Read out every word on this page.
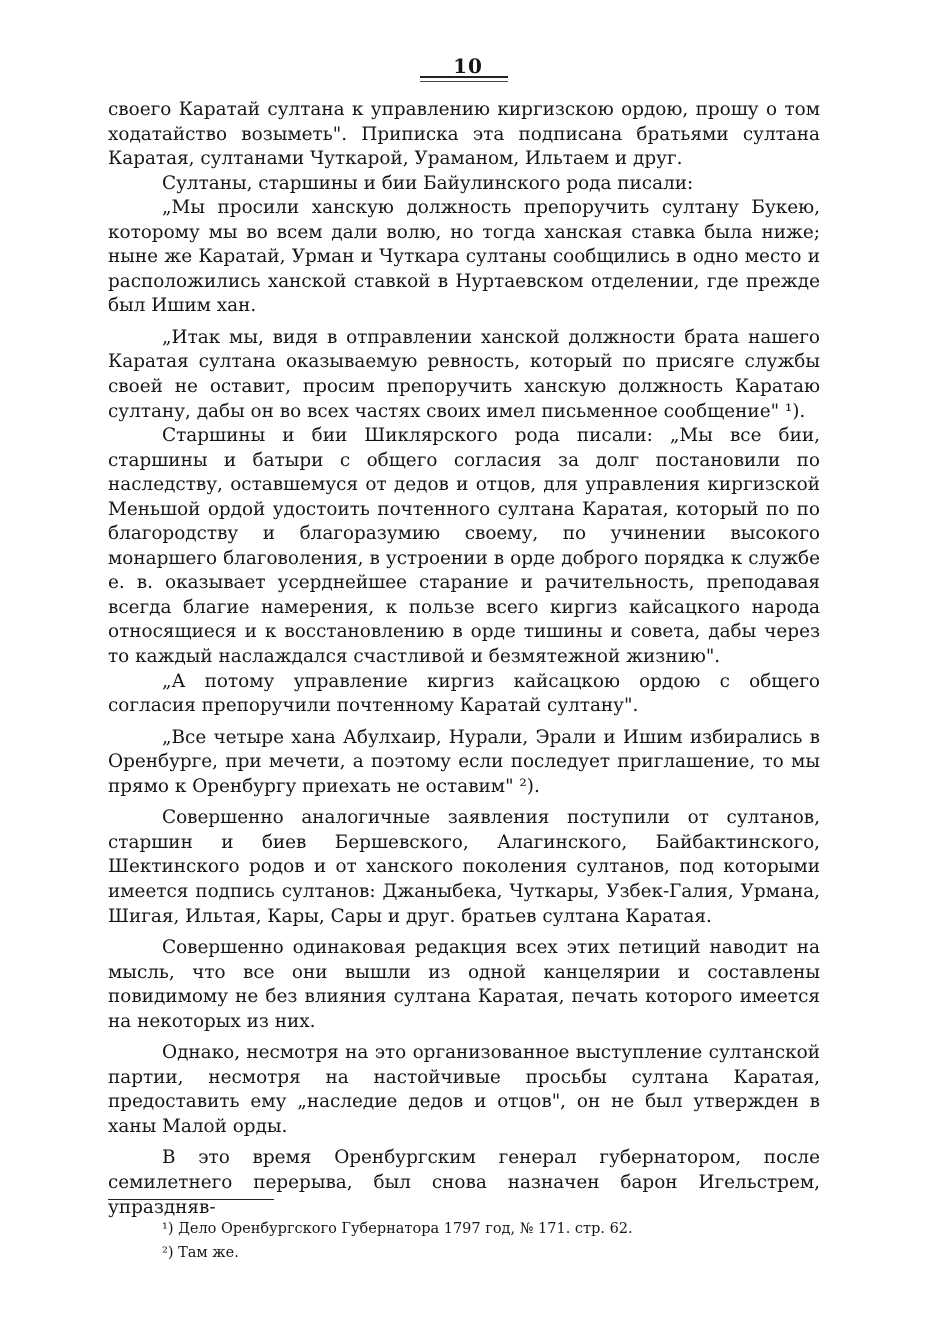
10

своего Каратай султана к управлению киргизскою ордою, прошу о том ходатайство возыметь". Приписка эта подписана братьями султана Каратая, султанами Чуткарой, Ураманом, Ильтаем и друг.

Султаны, старшины и бии Байулинского рода писали:

„Мы просили ханскую должность препоручить султану Букею, которому мы во всем дали волю, но тогда ханская ставка была ниже; ныне же Каратай, Урман и Чуткара султаны сообщились в одно место и расположились ханской ставкой в Нуртаевском отделении, где прежде был Ишим хан.

„Итак мы, видя в отправлении ханской должности брата нашего Каратая султана оказываемую ревность, который по присяге службы своей не оставит, просим препоручить ханскую должность Каратаю султану, дабы он во всех частях своих имел письменное сообщение" ¹).

Старшины и бии Шиклярского рода писали: „Мы все бии, старшины и батыри с общего согласия за долг постановили по наследству, оставшемуся от дедов и отцов, для управления киргизской Меньшой ордой удостоить почтенного султана Каратая, который по по благородству и благоразумию своему, по учинении высокого монаршего благоволения, в устроении в орде доброго порядка к службе е. в. оказывает усерднейшее старание и рачительность, преподавая всегда благие намерения, к пользе всего киргиз кайсацкого народа относящиеся и к восстановлению в орде тишины и совета, дабы через то каждый наслаждался счастливой и безмятежной жизнию".

„А потому управление киргиз кайсацкою ордою с общего согласия препоручили почтенному Каратай султану".

„Все четыре хана Абулхаир, Нурали, Эрали и Ишим избирались в Оренбурге, при мечети, а поэтому если последует приглашение, то мы прямо к Оренбургу приехать не оставим" ²).

Совершенно аналогичные заявления поступили от султанов, старшин и биев Бершевского, Алагинского, Байбактинского, Шектинского родов и от ханского поколения султанов, под которыми имеется подпись султанов: Джаныбека, Чуткары, Узбек-Галия, Урмана, Шигая, Ильтая, Кары, Сары и друг. братьев султана Каратая.

Совершенно одинаковая редакция всех этих петиций наводит на мысль, что все они вышли из одной канцелярии и составлены повидимому не без влияния султана Каратая, печать которого имеется на некоторых из них.

Однако, несмотря на это организованное выступление султанской партии, несмотря на настойчивые просьбы султана Каратая, предоставить ему „наследие дедов и отцов", он не был утвержден в ханы Малой орды.

В это время Оренбургским генерал губернатором, после семилетнего перерыва, был снова назначен барон Игельстрем, упраздняв-

¹) Дело Оренбургского Губернатора 1797 год, № 171. стр. 62.

²) Там же.
